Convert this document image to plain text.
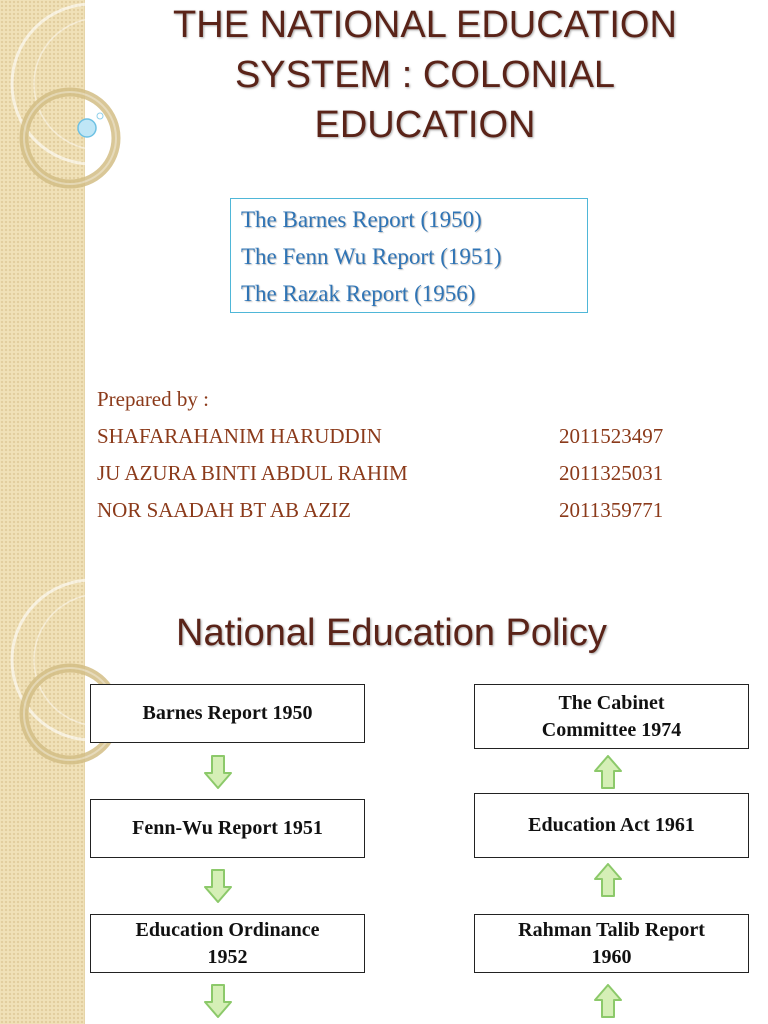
THE NATIONAL EDUCATION
SYSTEM : COLONIAL
EDUCATION
The Barnes Report (1950)
The Fenn Wu Report (1951)
The Razak Report (1956)
Prepared by :
SHAFARAHANIM HARUDDIN	2011523497
JU AZURA BINTI ABDUL RAHIM	2011325031
NOR SAADAH BT AB AZIZ	2011359771
National Education Policy
Barnes Report 1950
Fenn-Wu Report 1951
Education Ordinance 1952
The Cabinet Committee 1974
Education Act 1961
Rahman Talib Report 1960
